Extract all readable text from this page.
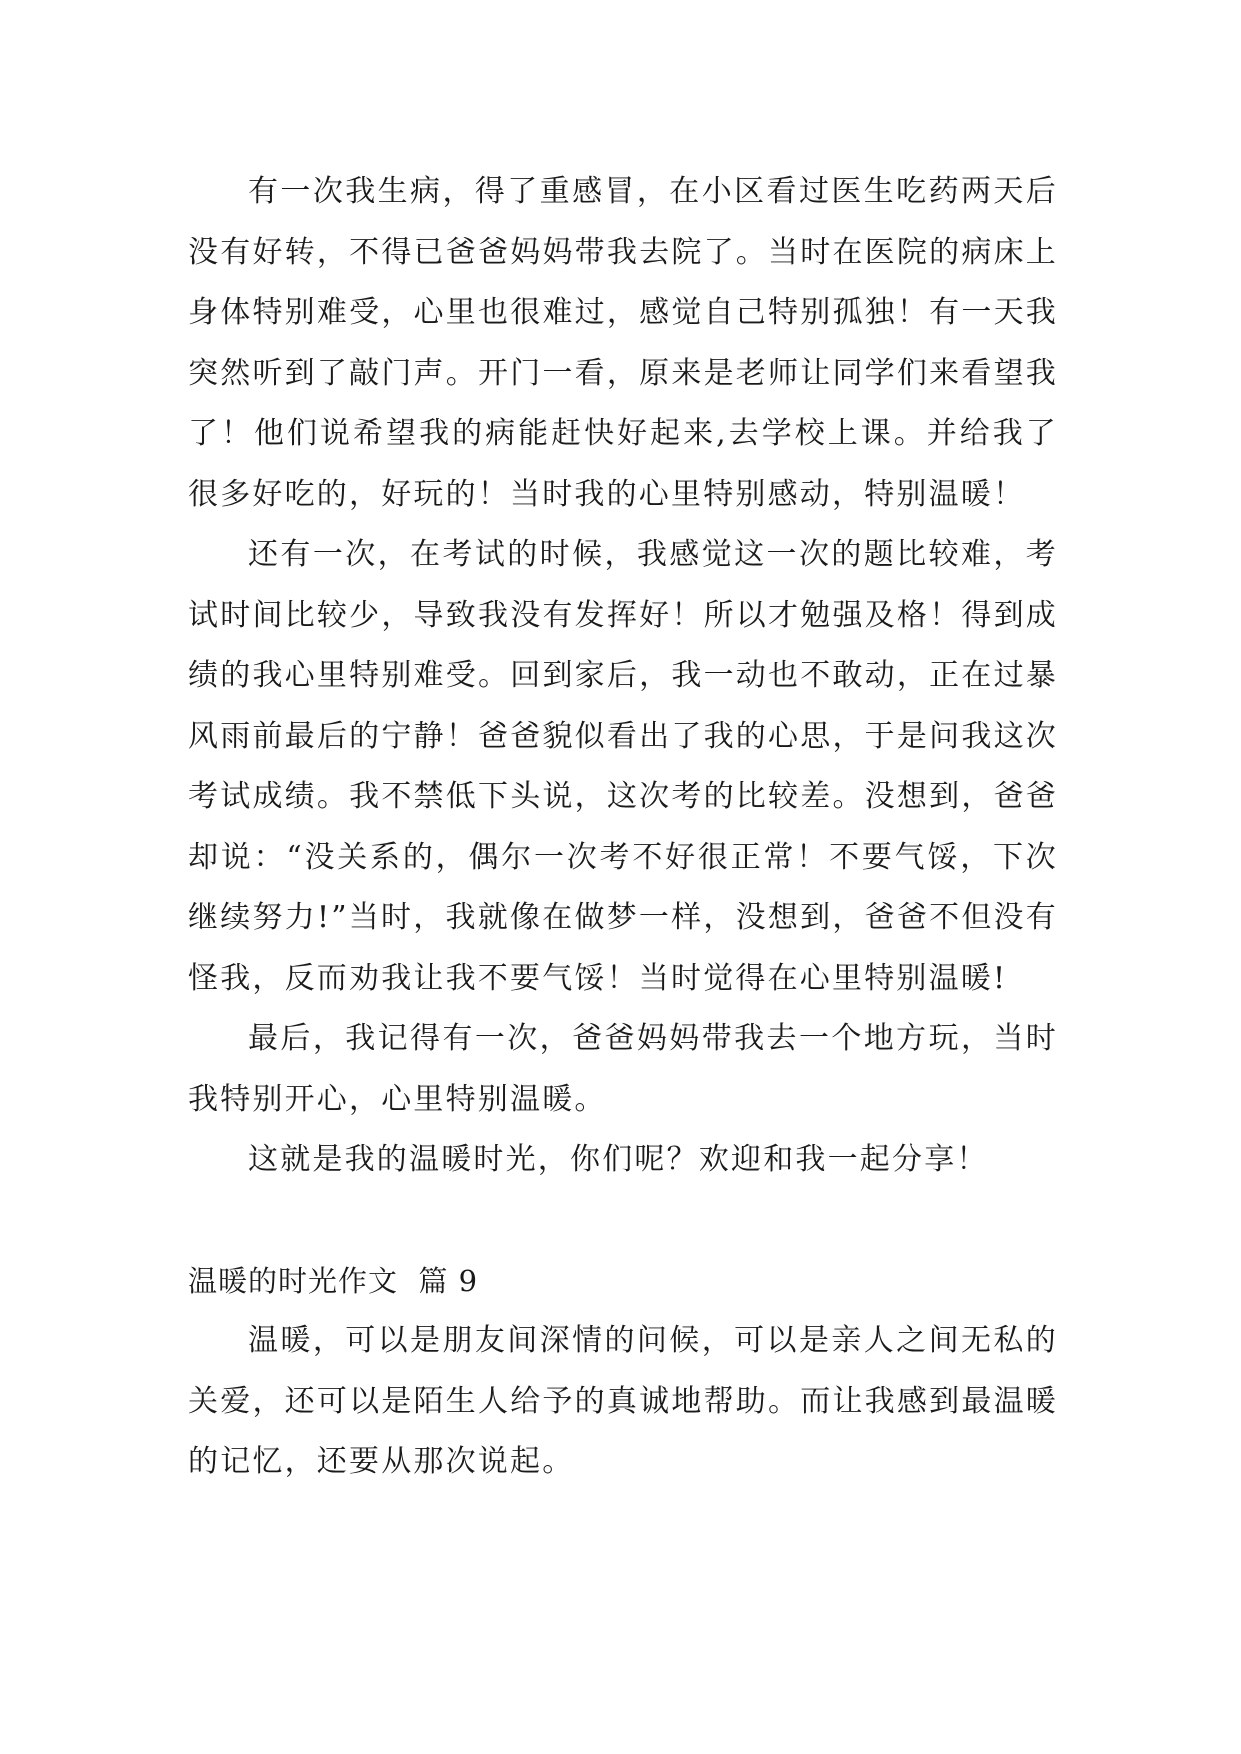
有一次我生病，得了重感冒，在小区看过医生吃药两天后没有好转，不得已爸爸妈妈带我去院了。当时在医院的病床上身体特别难受，心里也很难过，感觉自己特别孤独！有一天我突然听到了敲门声。开门一看，原来是老师让同学们来看望我了！他们说希望我的病能赶快好起来,去学校上课。并给我了很多好吃的，好玩的！当时我的心里特别感动，特别温暖！

还有一次，在考试的时候，我感觉这一次的题比较难，考试时间比较少，导致我没有发挥好！所以才勉强及格！得到成绩的我心里特别难受。回到家后，我一动也不敢动，正在过暴风雨前最后的宁静！爸爸貌似看出了我的心思，于是问我这次考试成绩。我不禁低下头说，这次考的比较差。没想到，爸爸却说：“没关系的，偶尔一次考不好很正常！不要气馁，下次继续努力!”当时，我就像在做梦一样，没想到，爸爸不但没有怪我，反而劝我让我不要气馁！当时觉得在心里特别温暖!

最后，我记得有一次，爸爸妈妈带我去一个地方玩，当时我特别开心，心里特别温暖。

这就是我的温暖时光，你们呢？欢迎和我一起分享！

温暖的时光作文  篇 9

温暖，可以是朋友间深情的问候，可以是亲人之间无私的关爱，还可以是陌生人给予的真诚地帮助。而让我感到最温暖的记忆，还要从那次说起。
